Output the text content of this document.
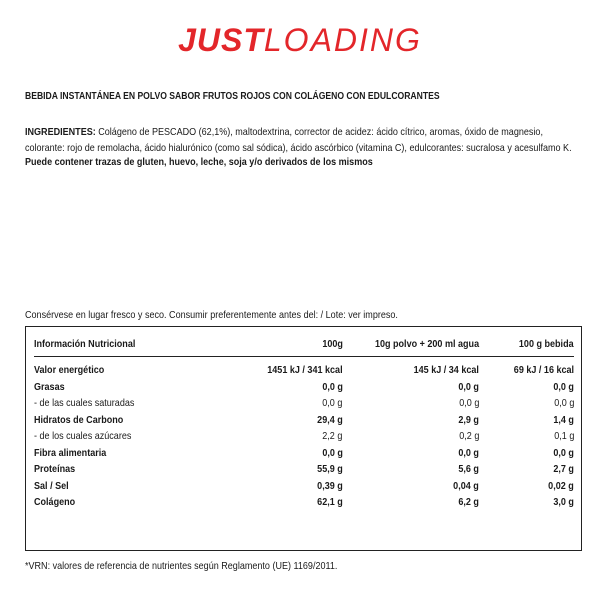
JUSTLOADING
BEBIDA INSTANTÁNEA EN POLVO SABOR FRUTOS ROJOS CON COLÁGENO CON EDULCORANTES
INGREDIENTES: Colágeno de PESCADO (62,1%), maltodextrina, corrector de acidez: ácido cítrico, aromas, óxido de magnesio, colorante: rojo de remolacha, ácido hialurónico (como sal sódica), ácido ascórbico (vitamina C), edulcorantes: sucralosa y acesulfamo K.
Puede contener trazas de gluten, huevo, leche, soja y/o derivados de los mismos
Consérvese en lugar fresco y seco. Consumir preferentemente antes del: / Lote: ver impreso.
Información Nutricional	100g	10g polvo + 200 ml agua	100 g bebida
Valor energético	1451 kJ / 341 kcal	145 kJ / 34 kcal	69 kJ / 16 kcal
Grasas	0,0 g	0,0 g	0,0 g
- de las cuales saturadas	0,0 g	0,0 g	0,0 g
Hidratos de Carbono	29,4 g	2,9 g	1,4 g
- de los cuales azúcares	2,2 g	0,2 g	0,1 g
Fibra alimentaria	0,0 g	0,0 g	0,0 g
Proteínas	55,9 g	5,6 g	2,7 g
Sal / Sel	0,39 g	0,04 g	0,02 g
Colágeno	62,1 g	6,2 g	3,0 g
*VRN: valores de referencia de nutrientes según Reglamento (UE) 1169/2011.
